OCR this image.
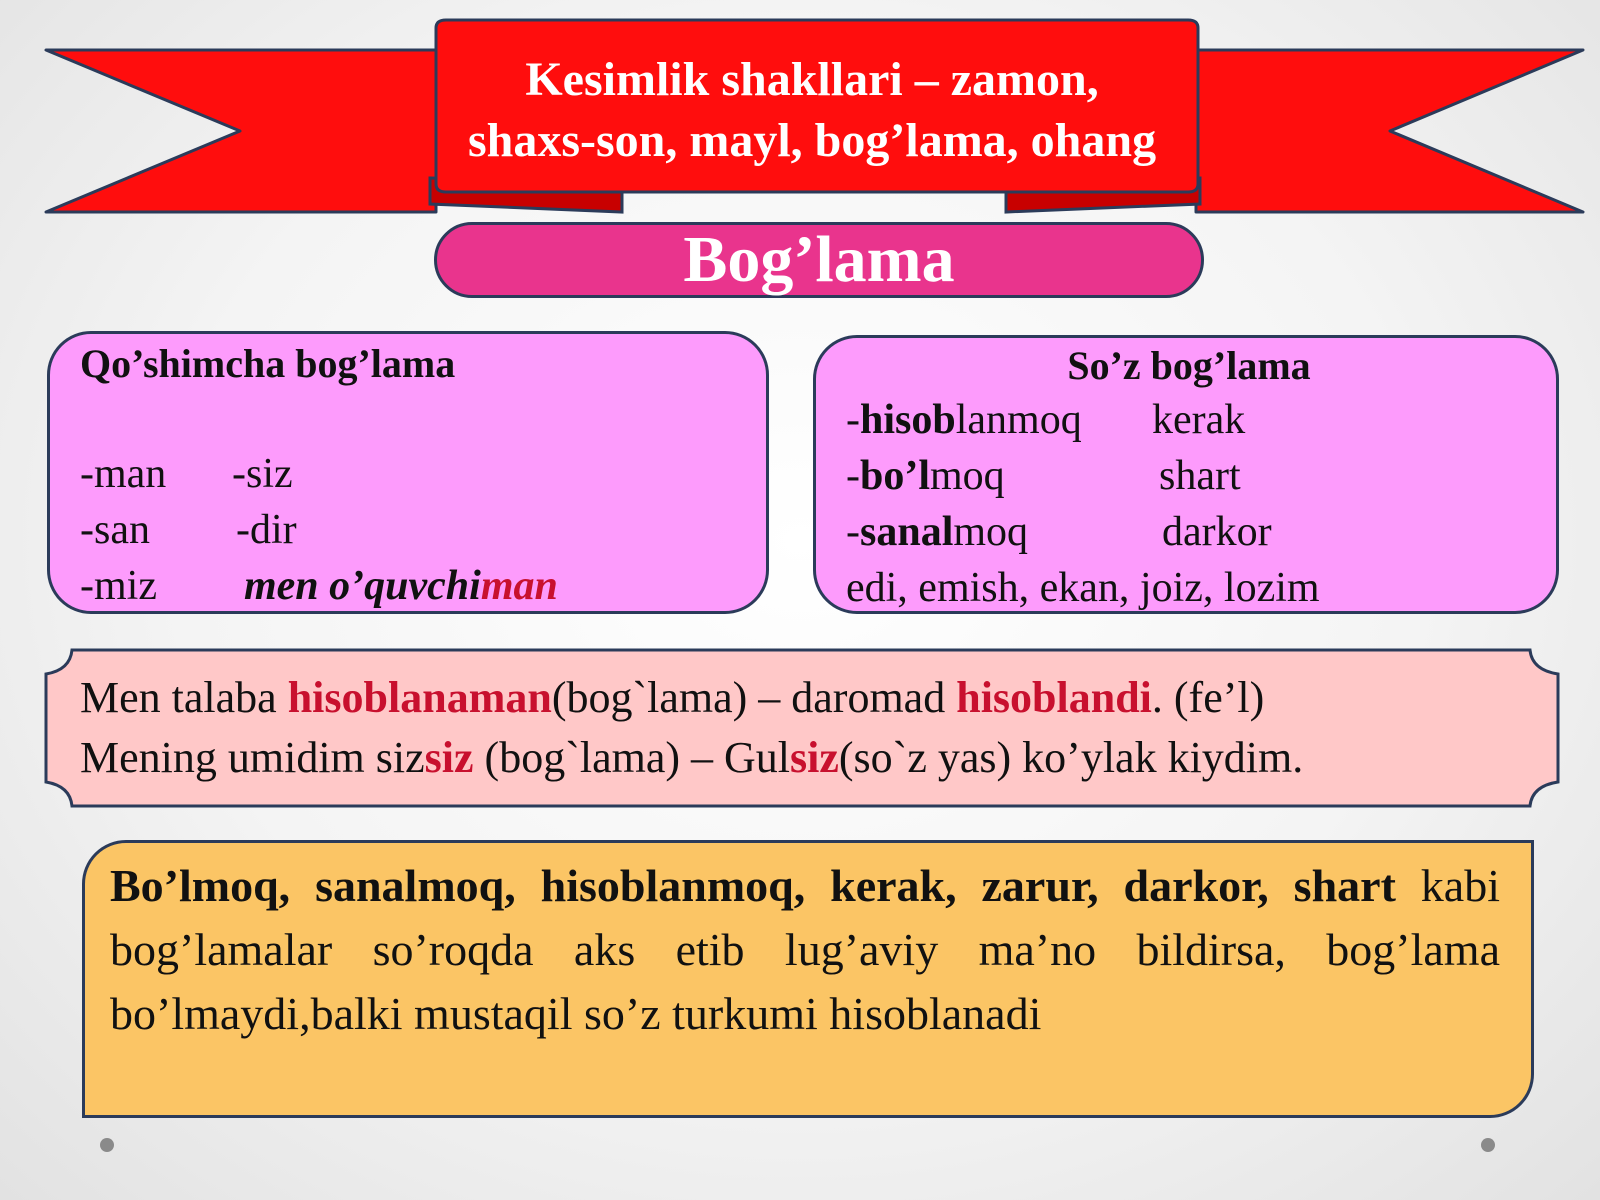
Kesimlik shakllari – zamon,
shaxs-son, mayl, bog’lama, ohang
Bog’lama
Qo’shimcha bog’lama
-man -siz
-san -dir
-miz men o’quvchiman
So’z bog’lama
-hisoblanmoq kerak
-bo’lmoq	shart
-sanalmoq	darkor
edi, emish, ekan, joiz, lozim
Men talaba hisoblanaman(bog`lama) – daromad hisoblandi. (fe’l)
Mening umidim sizsiz (bog`lama) – Gulsiz(so`z yas) ko’ylak kiydim.
Bo’lmoq, sanalmoq, hisoblanmoq, kerak, zarur, darkor, shart kabi bog’lamalar so’roqda aks etib lug’aviy ma’no bildirsa, bog’lama bo’lmaydi,balki mustaqil so’z turkumi hisoblanadi
